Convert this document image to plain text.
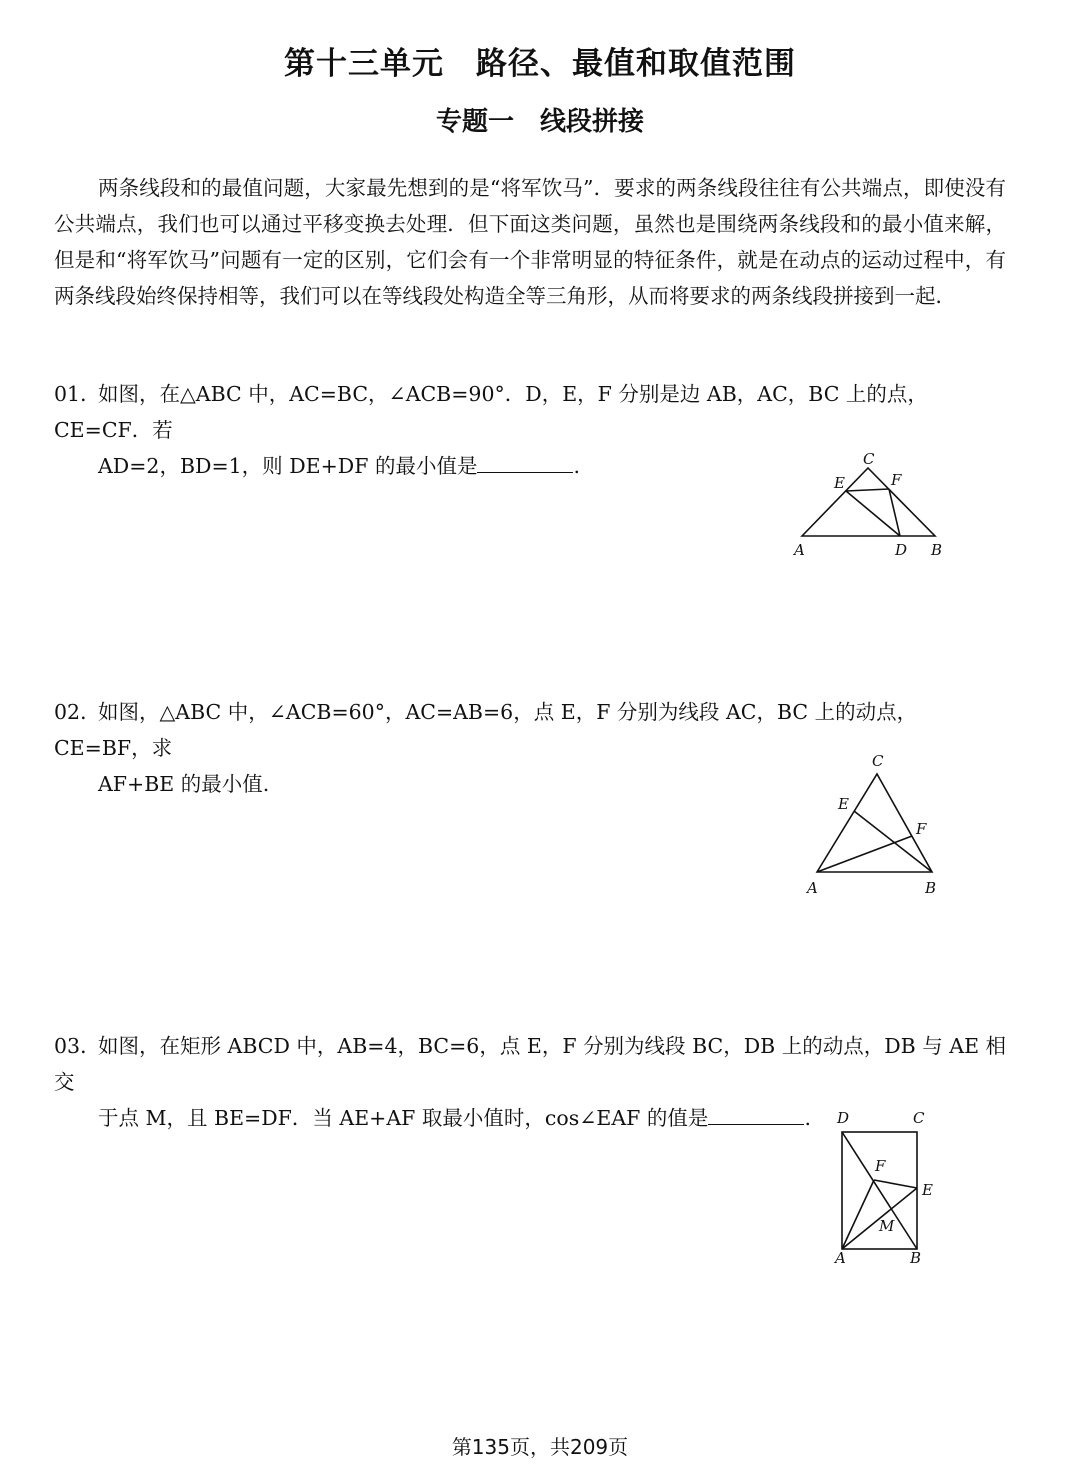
第十三单元　路径、最值和取值范围
专题一　线段拼接
两条线段和的最值问题，大家最先想到的是“将军饮马”．要求的两条线段往往有公共端点，即使没有公共端点，我们也可以通过平移变换去处理．但下面这类问题，虽然也是围绕两条线段和的最小值来解，但是和“将军饮马”问题有一定的区别，它们会有一个非常明显的特征条件，就是在动点的运动过程中，有两条线段始终保持相等，我们可以在等线段处构造全等三角形，从而将要求的两条线段拼接到一起．
01．如图，在△ABC 中，AC=BC，∠ACB=90°．D，E，F 分别是边 AB，AC，BC 上的点，CE=CF．若
AD=2，BD=1，则 DE+DF 的最小值是	.	C
E	F
A	D B
02．如图，△ABC 中，∠ACB=60°，AC=AB=6，点 E，F 分别为线段 AC，BC 上的动点，CE=BF，求
AF+BE 的最小值.
C
E
F
A	B
03．如图，在矩形 ABCD 中，AB=4，BC=6，点 E，F 分别为线段 BC，DB 上的动点，DB 与 AE 相交
于点 M，且 BE=DF．当 AE+AF 取最小值时，cos∠EAF 的值是	.	D	C
F
E
M
A	B
第135页，共209页
